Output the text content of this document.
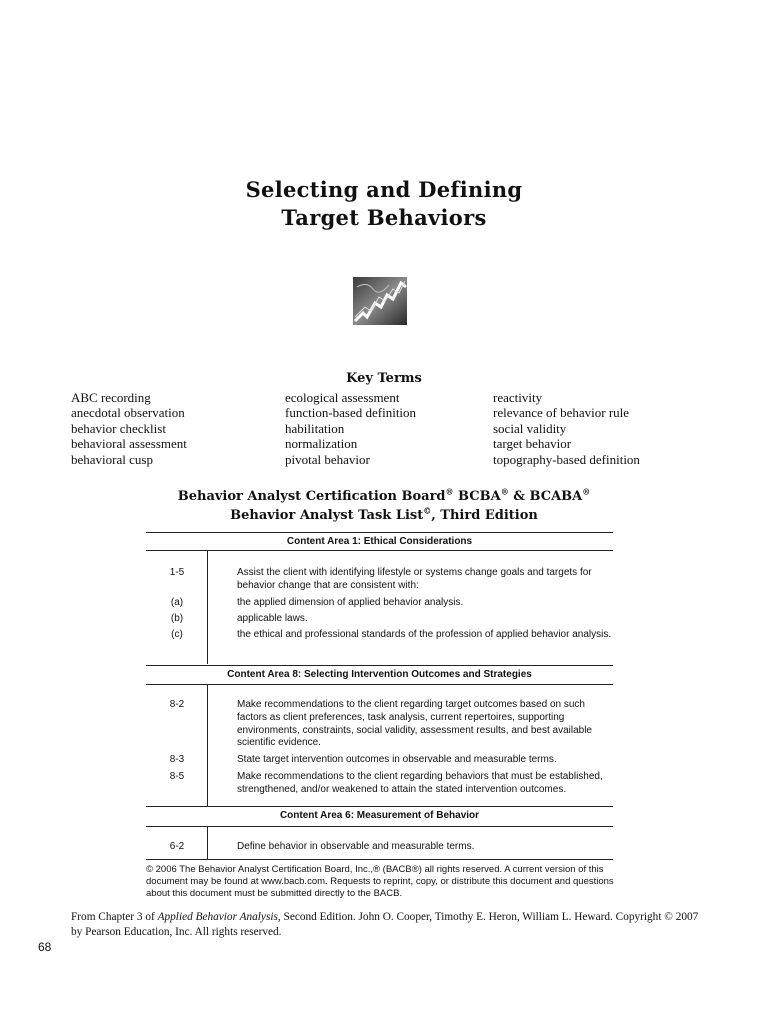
Selecting and Defining
Target Behaviors
Key Terms
ABC recording
anecdotal observation
behavior checklist
behavioral assessment
behavioral cusp
ecological assessment
function-based definition
habilitation
normalization
pivotal behavior
reactivity
relevance of behavior rule
social validity
target behavior
topography-based definition
Behavior Analyst Certification Board® BCBA® & BCABA®
Behavior Analyst Task List©, Third Edition
Content Area 1: Ethical Considerations
1-5	Assist the client with identifying lifestyle or systems change goals and targets for behavior change that are consistent with:
(a)	the applied dimension of applied behavior analysis.
(b)	applicable laws.
(c)	the ethical and professional standards of the profession of applied behavior analysis.
Content Area 8: Selecting Intervention Outcomes and Strategies
8-2	Make recommendations to the client regarding target outcomes based on such factors as client preferences, task analysis, current repertoires, supporting environments, constraints, social validity, assessment results, and best available scientific evidence.
8-3	State target intervention outcomes in observable and measurable terms.
8-5	Make recommendations to the client regarding behaviors that must be established, strengthened, and/or weakened to attain the stated intervention outcomes.
Content Area 6: Measurement of Behavior
6-2	Define behavior in observable and measurable terms.
© 2006 The Behavior Analyst Certification Board, Inc.,® (BACB®) all rights reserved. A current version of this document may be found at www.bacb.com. Requests to reprint, copy, or distribute this document and questions about this document must be submitted directly to the BACB.
From Chapter 3 of Applied Behavior Analysis, Second Edition. John O. Cooper, Timothy E. Heron, William L. Heward. Copyright © 2007 by Pearson Education, Inc. All rights reserved.
68
